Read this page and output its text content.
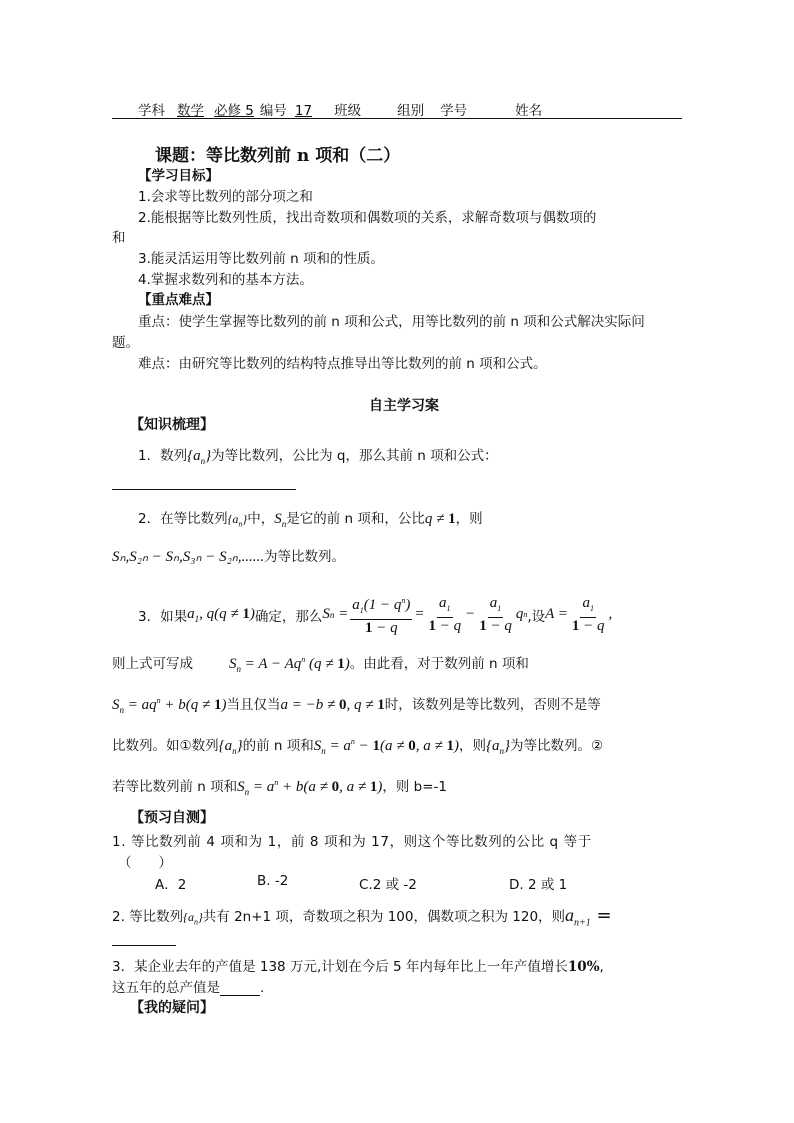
学科 数学 必修 5 编号 17 班级	组别 学号	姓名
课题：等比数列前 n 项和（二）
【学习目标】
1.会求等比数列的部分项之和
2.能根据等比数列性质，找出奇数项和偶数项的关系，求解奇数项与偶数项的
和
3.能灵活运用等比数列前 n 项和的性质。
4.掌握求数列和的基本方法。
【重点难点】
重点：使学生掌握等比数列的前 n 项和公式，用等比数列的前 n 项和公式解决实际问
题。
难点：由研究等比数列的结构特点推导出等比数列的前 n 项和公式。
自主学习案
【知识梳理】
1．数列$\{a_n\}$为等比数列，公比为 q，那么其前 n 项和公式：
2．在等比数列$\{a_n\}$中，$S_n$是它的前 n 项和，公比q ≠ 1，则
Sₙ,S₂ₙ − Sₙ,S₃ₙ − S₂ₙ,......为等比数列。
3．如果 $a_1$, q(q ≠ 1) 确定，那么 S $n = \frac{a_1(1 - q^n)}{1 - q} = \frac{a_1}{1 - q} - \frac{a_1}{1 - q}$ q n ,设 $A = \frac{a_1}{1 - q}$ ,
则上式可写成 $S_n = A - Aq^n$ (q ≠ 1)。由此看，对于数列前 n 项和
$S_n = aq^n + b(q \ne 1)$当且仅当a = −b ≠ 0, q ≠ 1时，该数列是等比数列，否则不是等
比数列。如①数列$\{a_n\}$的前 n 项和$S_n = a^n - 1(a \ne 0$, a ≠ 1)，则$\{a_n\}$为等比数列。②
若等比数列前 n 项和$S_n = a^n + b(a \ne 0$, a ≠ 1)，则 b=-1
【预习自测】
1. 等比数列前 4 项和为 1，前 8 项和为 17，则这个等比数列的公比 q 等于
（　　）
A．2	B. -2	C.2 或 -2	D. 2 或 1
2. 等比数列$\{a_n\}$共有 2n+1 项，奇数项之积为 100，偶数项之积为 120，则$a_{n+1}$ =
3．某企业去年的产值是 138 万元,计划在今后 5 年内每年比上一年产值增长10%,
这五年的总产值是	.
【我的疑问】
